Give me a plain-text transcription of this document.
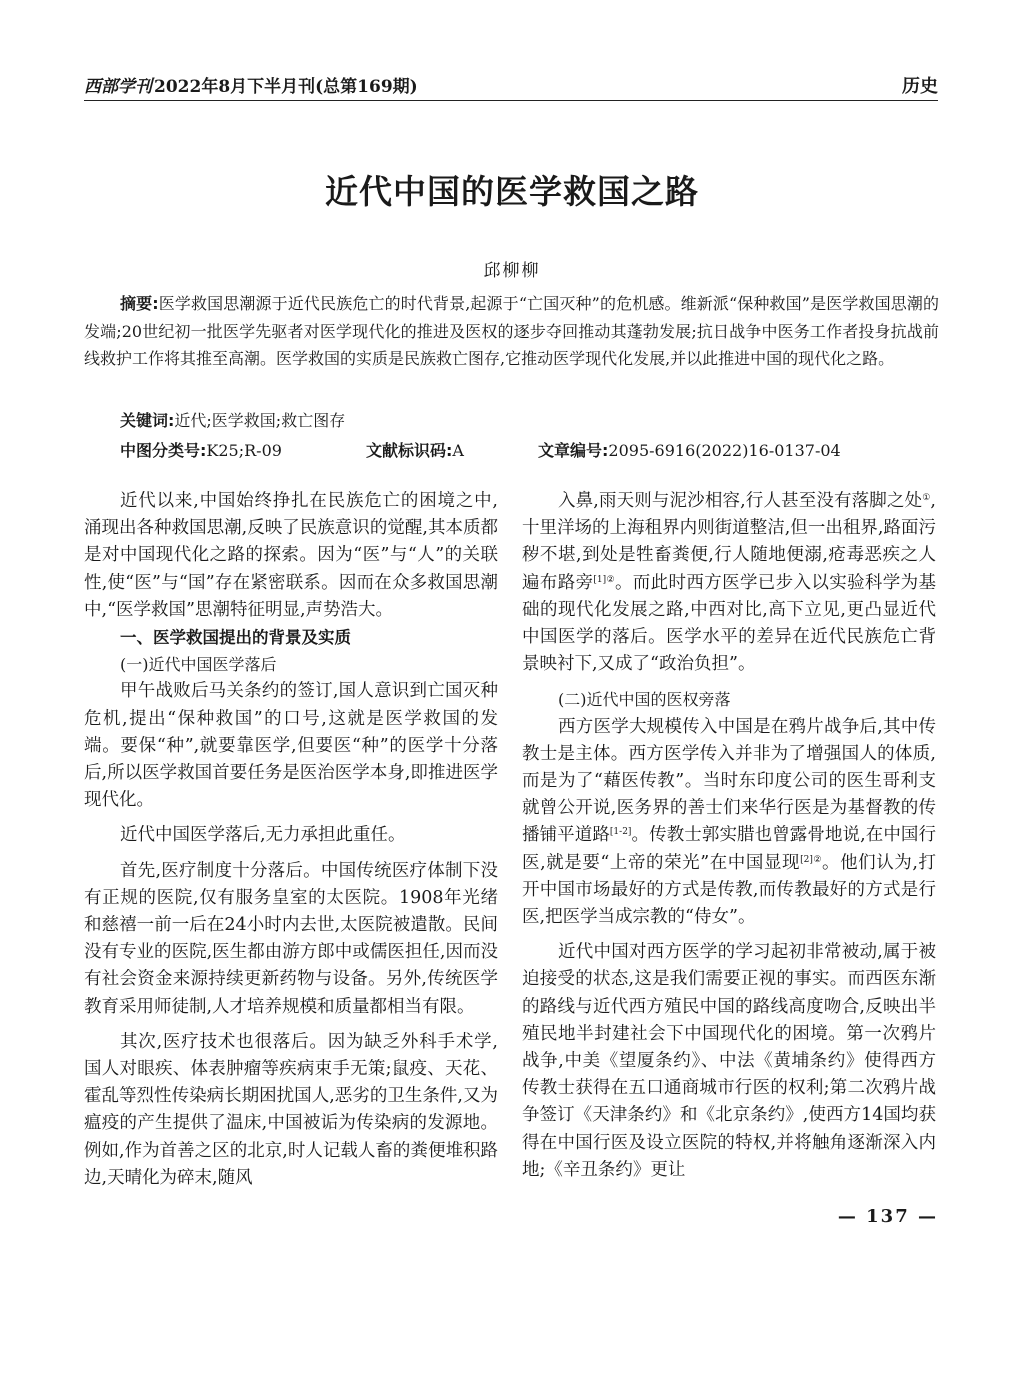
西部学刊 2022年8月下半月刊(总第169期)	历史
近代中国的医学救国之路
邱柳柳
摘要:医学救国思潮源于近代民族危亡的时代背景,起源于“亡国灭种”的危机感。维新派“保种救国”是医学救国思潮的发端;20世纪初一批医学先驱者对医学现代化的推进及医权的逐步夺回推动其蓬勃发展;抗日战争中医务工作者投身抗战前线救护工作将其推至高潮。医学救国的实质是民族救亡图存,它推动医学现代化发展,并以此推进中国的现代化之路。
关键词:近代;医学救国;救亡图存
中图分类号:K25;R-09	文献标识码:A	文章编号:2095-6916(2022)16-0137-04

近代以来,中国始终挣扎在民族危亡的困境之中,涌现出各种救国思潮,反映了民族意识的觉醒,其本质都是对中国现代化之路的探索。因为“医”与“人”的关联性,使“医”与“国”存在紧密联系。因而在众多救国思潮中,“医学救国”思潮特征明显,声势浩大。

一、医学救国提出的背景及实质

(一)近代中国医学落后

甲午战败后马关条约的签订,国人意识到亡国灭种危机,提出“保种救国”的口号,这就是医学救国的发端。要保“种”,就要靠医学,但要医“种”的医学十分落后,所以医学救国首要任务是医治医学本身,即推进医学现代化。

近代中国医学落后,无力承担此重任。

首先,医疗制度十分落后。中国传统医疗体制下没有正规的医院,仅有服务皇室的太医院。1908年光绪和慈禧一前一后在24小时内去世,太医院被遣散。民间没有专业的医院,医生都由游方郎中或儒医担任,因而没有社会资金来源持续更新药物与设备。另外,传统医学教育采用师徒制,人才培养规模和质量都相当有限。

其次,医疗技术也很落后。因为缺乏外科手术学,国人对眼疾、体表肿瘤等疾病束手无策;鼠疫、天花、霍乱等烈性传染病长期困扰国人,恶劣的卫生条件,又为瘟疫的产生提供了温床,中国被诟为传染病的发源地。例如,作为首善之区的北京,时人记载人畜的粪便堆积路边,天晴化为碎末,随风

入鼻,雨天则与泥沙相容,行人甚至没有落脚之处①,十里洋场的上海租界内则街道整洁,但一出租界,路面污秽不堪,到处是牲畜粪便,行人随地便溺,疮毒恶疾之人遍布路旁$^{[1]②}$。而此时西方医学已步入以实验科学为基础的现代化发展之路,中西对比,高下立见,更凸显近代中国医学的落后。医学水平的差异在近代民族危亡背景映衬下,又成了“政治负担”。

(二)近代中国的医权旁落

西方医学大规模传入中国是在鸦片战争后,其中传教士是主体。西方医学传入并非为了增强国人的体质,而是为了“藉医传教”。当时东印度公司的医生哥利支就曾公开说,医务界的善士们来华行医是为基督教的传播铺平道路[1-2]。传教士郭实腊也曾露骨地说,在中国行医,就是要“上帝的荣光”在中国显现$^{[2]②}$。他们认为,打开中国市场最好的方式是传教,而传教最好的方式是行医,把医学当成宗教的“侍女”。

近代中国对西方医学的学习起初非常被动,属于被迫接受的状态,这是我们需要正视的事实。而西医东渐的路线与近代西方殖民中国的路线高度吻合,反映出半殖民地半封建社会下中国现代化的困境。第一次鸦片战争,中美《望厦条约》、中法《黄埔条约》使得西方传教士获得在五口通商城市行医的权利;第二次鸦片战争签订《天津条约》和《北京条约》,使西方14国均获得在中国行医及设立医院的特权,并将触角逐渐深入内地;《辛丑条约》更让

— 137 —
